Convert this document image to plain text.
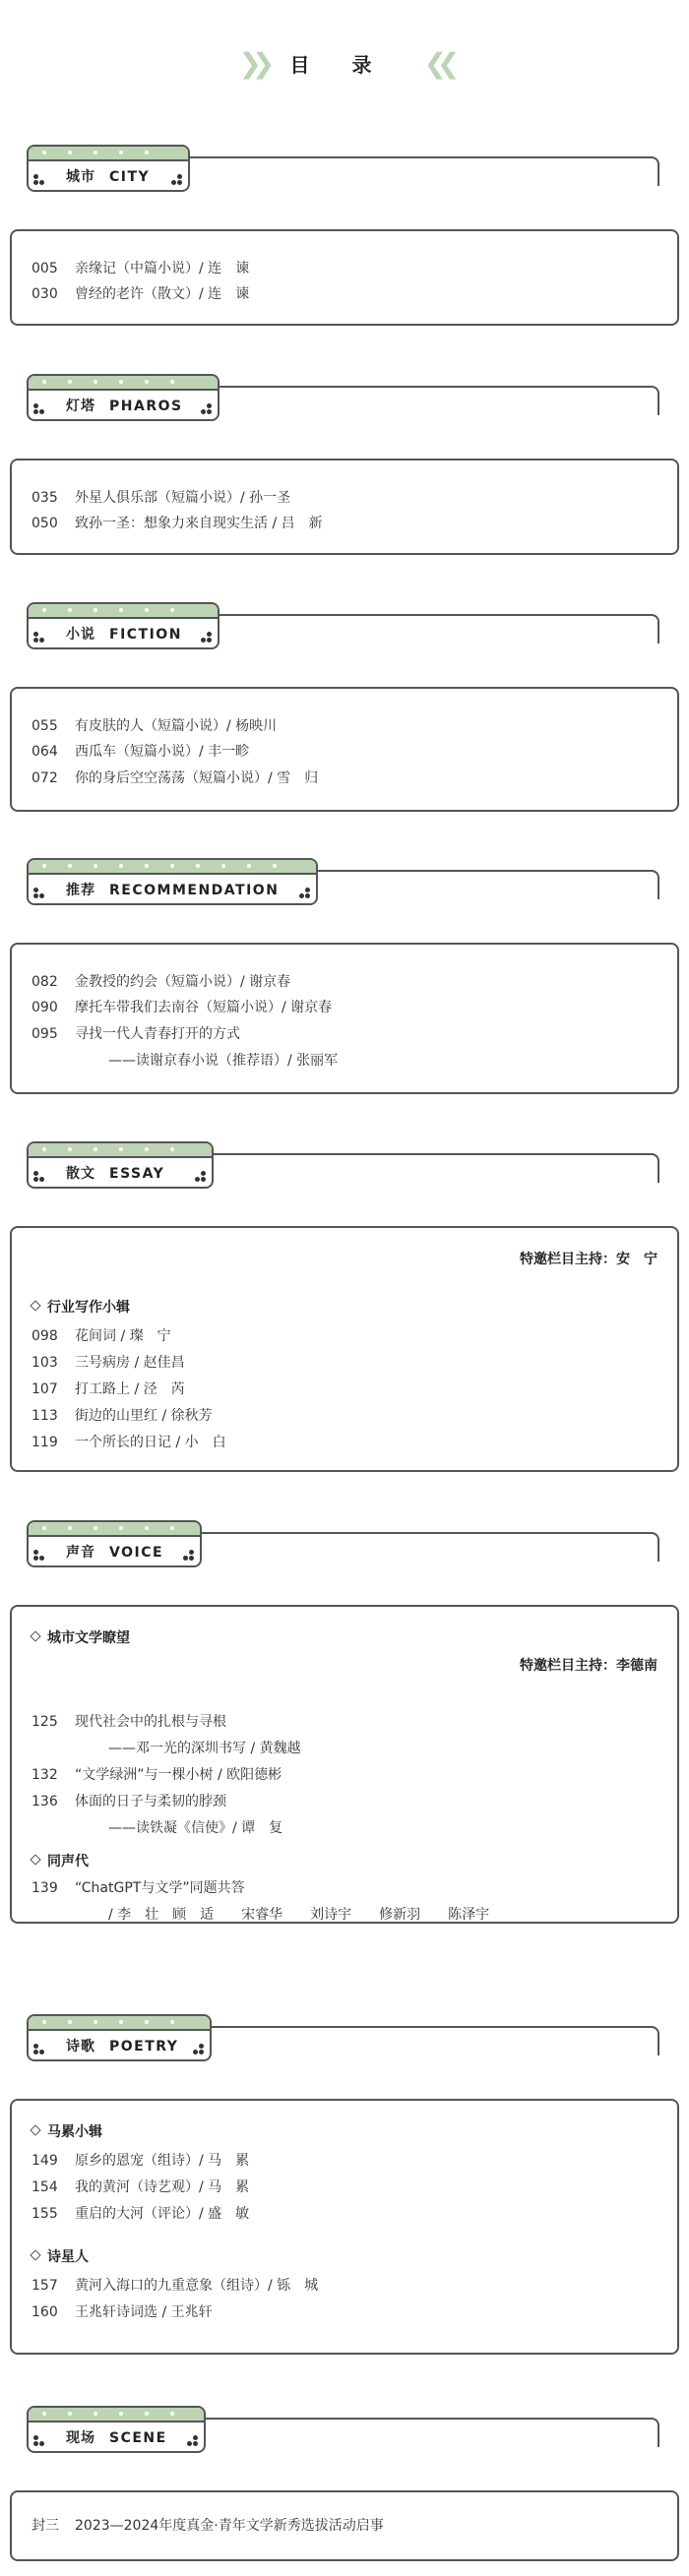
❯❯ 目 录 ❮❮
城市 CITY
005 亲缘记（中篇小说）/ 连　谏
030 曾经的老许（散文）/ 连　谏
灯塔 PHAROS
035 外星人俱乐部（短篇小说）/ 孙一圣
050 致孙一圣：想象力来自现实生活 / 吕　新
小说 FICTION
055 有皮肤的人（短篇小说）/ 杨映川
064 西瓜车（短篇小说）/ 丰一畛
072 你的身后空空荡荡（短篇小说）/ 雪　归
推荐 RECOMMENDATION
082 金教授的约会（短篇小说）/ 谢京春
090 摩托车带我们去南谷（短篇小说）/ 谢京春
095 寻找一代人青春打开的方式
——读谢京春小说（推荐语）/ 张丽军
散文 ESSAY
特邀栏目主持：安　宁
行业写作小辑
098 花间词 / 璨　宁
103 三号病房 / 赵佳昌
107 打工路上 / 泾　芮
113 街边的山里红 / 徐秋芳
119 一个所长的日记 / 小　白
声音 VOICE
城市文学瞭望
特邀栏目主持：李德南
125 现代社会中的扎根与寻根
——邓一光的深圳书写 / 黄魏越
132 “文学绿洲”与一棵小树 / 欧阳德彬
136 体面的日子与柔韧的脖颈
——读铁凝《信使》/ 谭　复
同声代
139 “ChatGPT与文学”同题共答
/ 李　壮　顾　适　　宋睿华　　刘诗宇　　修新羽　　陈泽宇
诗歌 POETRY
马累小辑
149 原乡的恩宠（组诗）/ 马　累
154 我的黄河（诗艺观）/ 马　累
155 重启的大河（评论）/ 盛　敏
诗星人
157 黄河入海口的九重意象（组诗）/ 铄　城
160 王兆轩诗词选 / 王兆轩
现场 SCENE
封三 2023—2024年度真金·青年文学新秀选拔活动启事
